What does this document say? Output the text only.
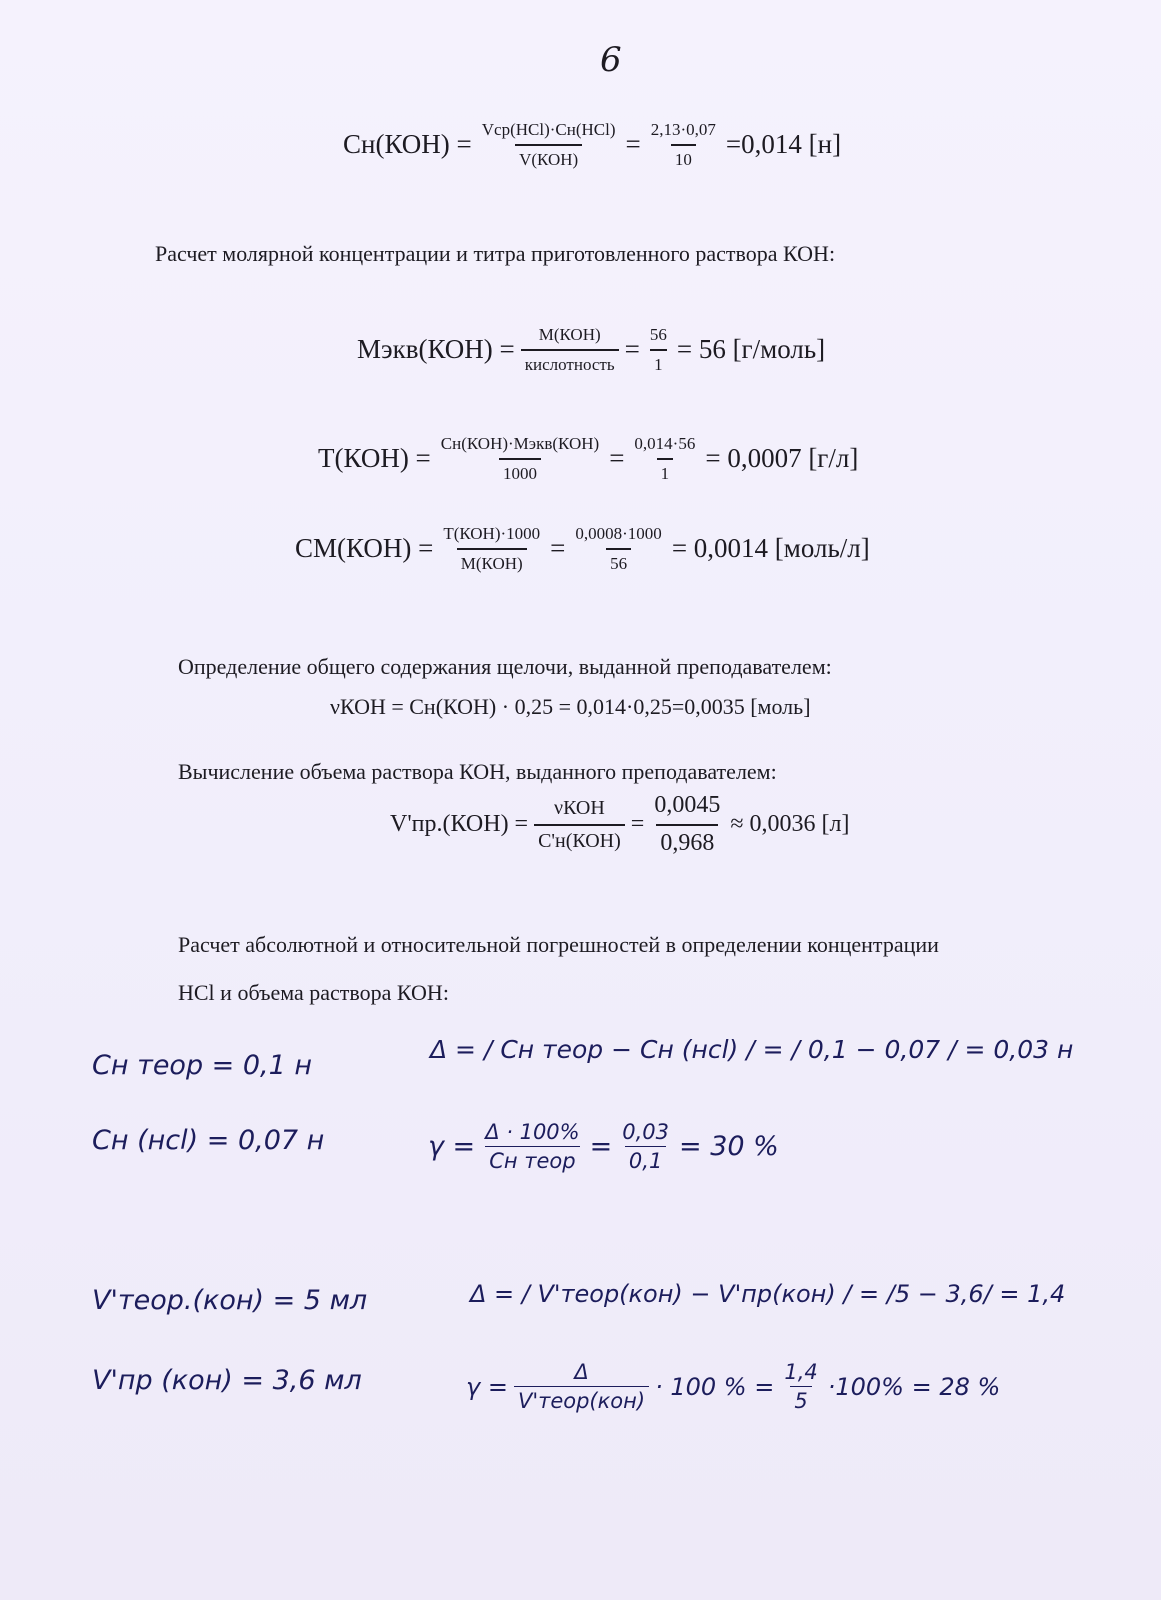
6
Сн(КОН) = Vср(HCl)·Сн(HCl)
$V(КОН) = \frac{2,13\cdot 0,07}{10} =0,014$ [н]
Расчет молярной концентрации и титра приготовленного раствора КОН:
Mэкв(КОН) = M(КОН)
кислотность = $\frac{56}{1} = 56$ [г/моль]
Т(КОН) = Сн(КОН)·Мэкв(КОН)
1000	= $\frac{0,014\cdot 56}{1} = 0,0007$ [г/л]
СМ(КОН) = Т(КОН)·1000
$М(КОН) = \frac{0,0008\cdot 1000}{56} = 0,0014$ [моль/л]
Определение общего содержания щелочи, выданной преподавателем:
νКОН = Сн(КОН) · 0,25 = 0,014·0,25=0,0035 [моль]
Вычисление объема раствора КОН, выданного преподавателем:
V'пр.(КОН) =
νКОН
С'н(КОН)
= $\frac{0,0045}{0,968} \approx 0,0036$ [л]
Расчет абсолютной и относительной погрешностей в определении концентрации
HCl и объема раствора КОН:
Сн теор = 0,1 н
Сн (нсl) = 0,07 н
Δ = / Сн теор − Сн (нсl) / = / 0,1 − 0,07 / = 0,03 н
γ = Δ · 100%
Сн теор = $\frac{0,03}{0,1} = 30$ %
V'теор.(кон) = 5 мл
V'пр (кон) = 3,6 мл
Δ = / V'теор(кон) − V'пр(кон) / = /5 − 3,6/ = 1,4
γ =
Δ
V'теор(кон)
· 100 % = $\frac{1,4}{5} \cdot 100\% = 28$ %
